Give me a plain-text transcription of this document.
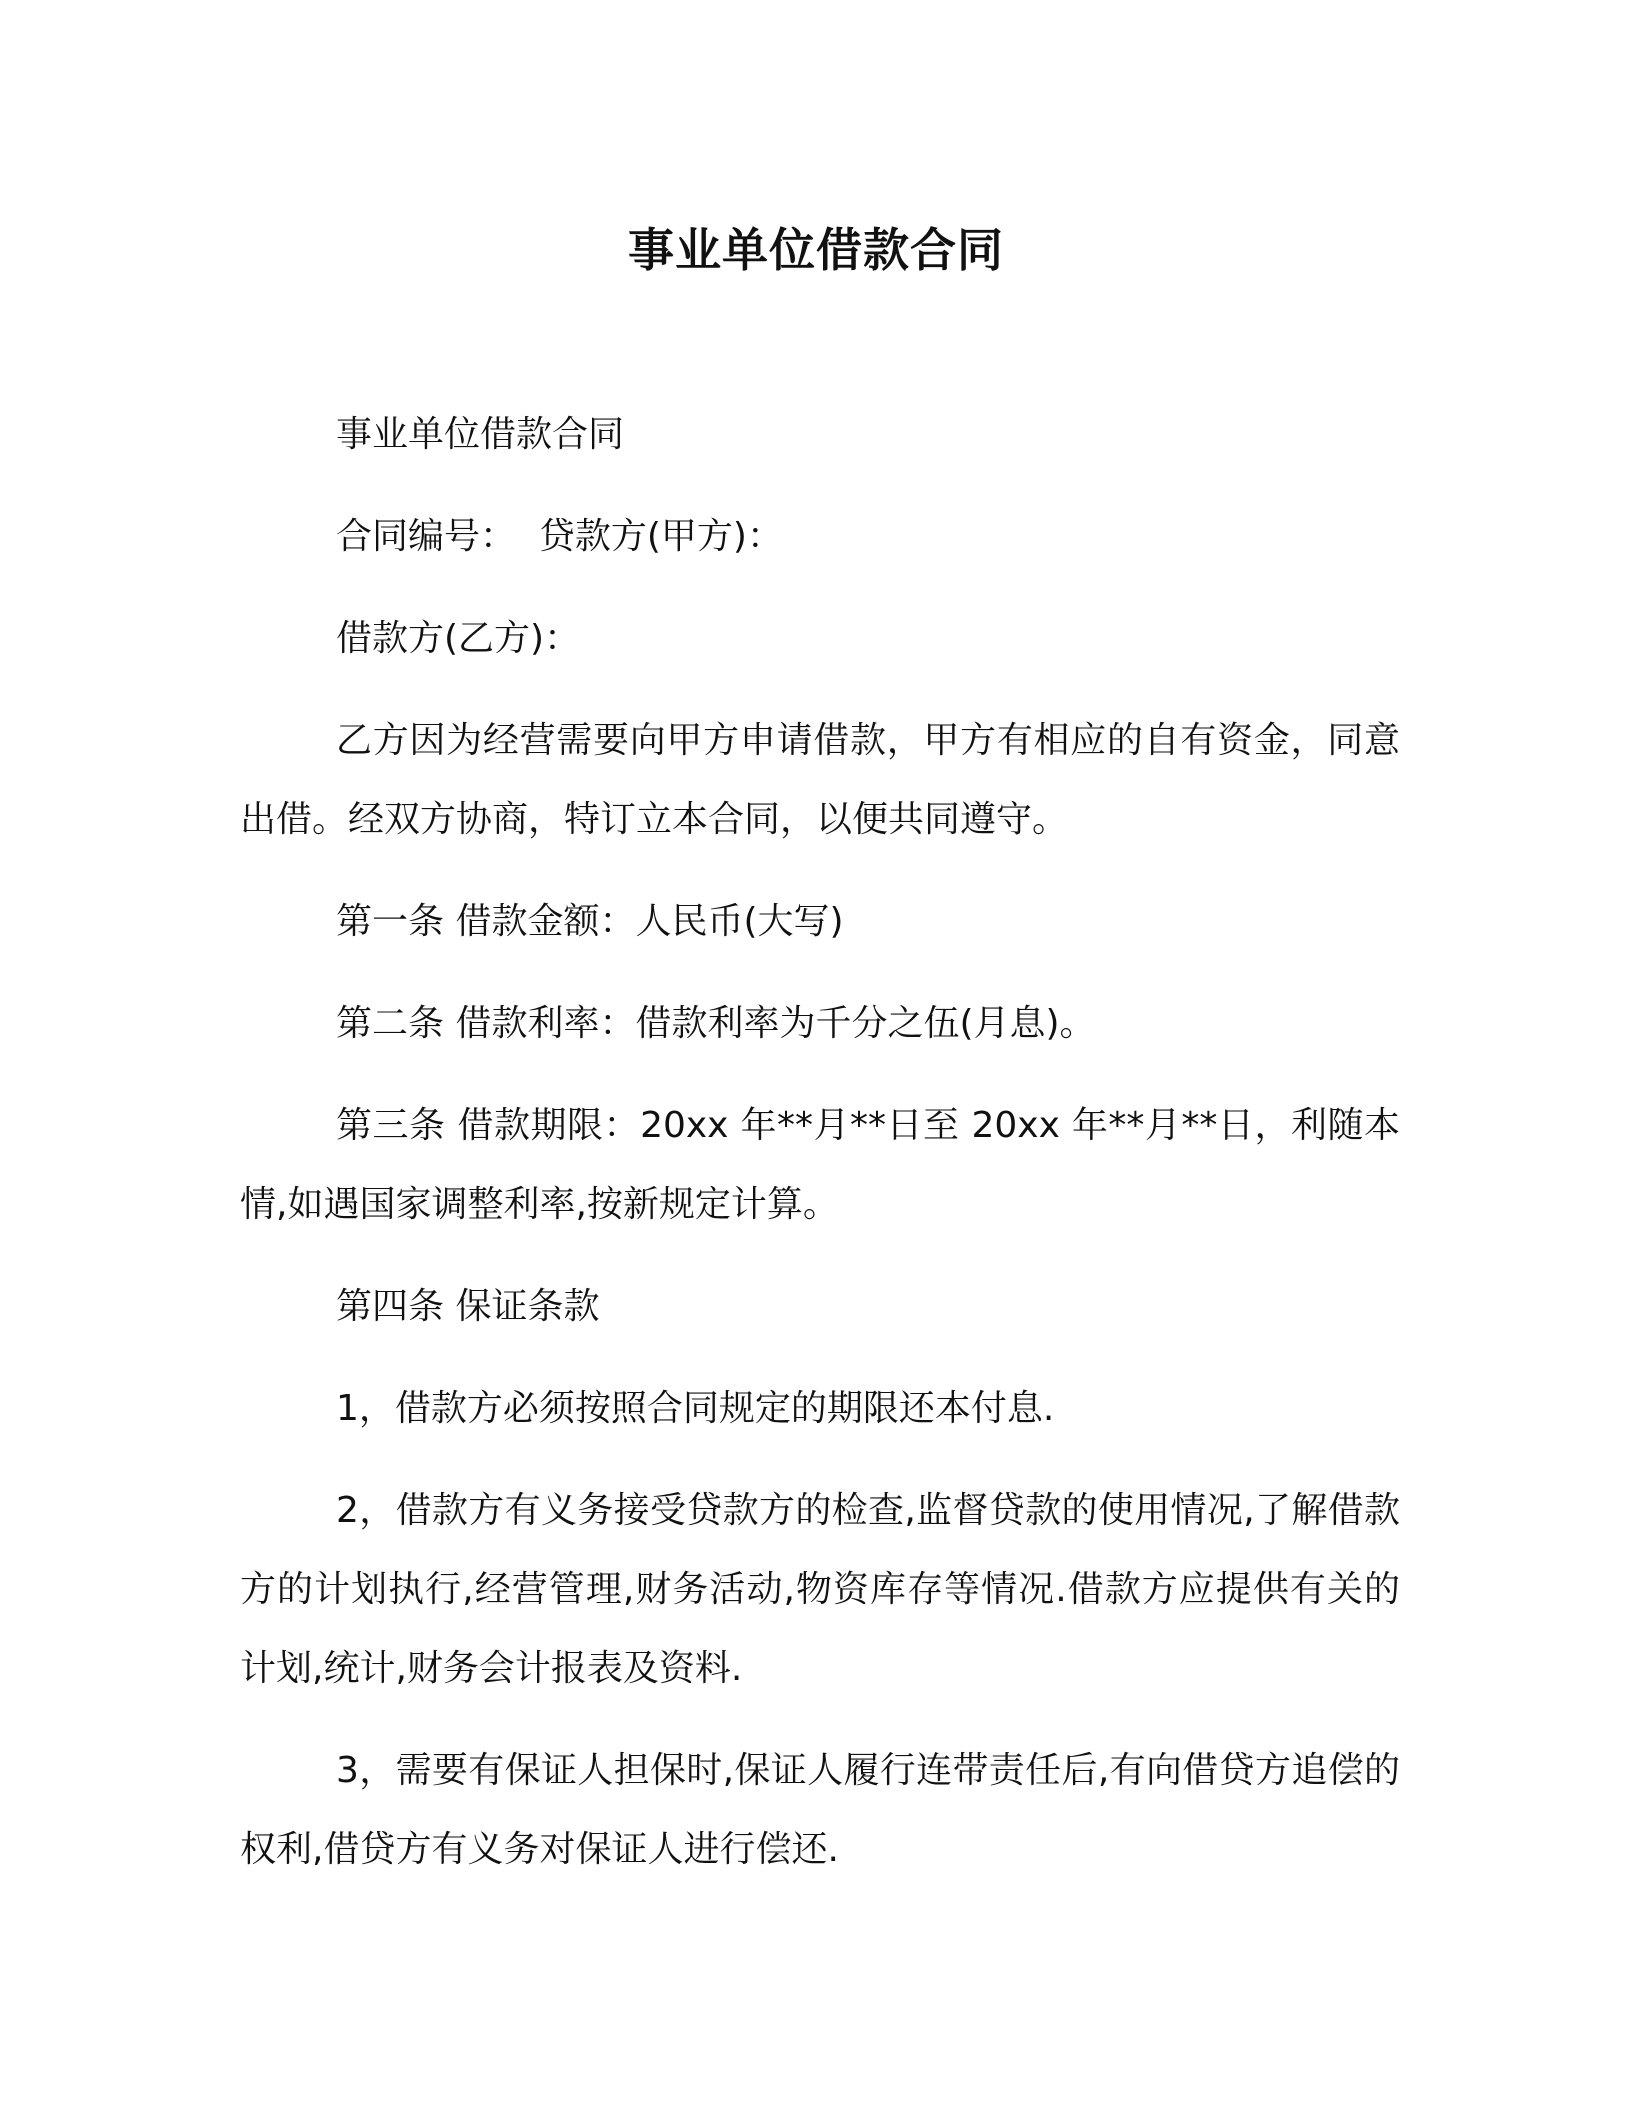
事业单位借款合同

事业单位借款合同

合同编号：  贷款方(甲方)：

借款方(乙方)：

乙方因为经营需要向甲方申请借款，甲方有相应的自有资金，同意出借。经双方协商，特订立本合同，以便共同遵守。

第一条 借款金额：人民币(大写)

第二条 借款利率：借款利率为千分之伍(月息)。

第三条 借款期限：20xx 年**月**日至 20xx 年**月**日，利随本情,如遇国家调整利率,按新规定计算。

第四条 保证条款

1，借款方必须按照合同规定的期限还本付息.

2，借款方有义务接受贷款方的检查,监督贷款的使用情况,了解借款方的计划执行,经营管理,财务活动,物资库存等情况.借款方应提供有关的计划,统计,财务会计报表及资料.

3，需要有保证人担保时,保证人履行连带责任后,有向借贷方追偿的权利,借贷方有义务对保证人进行偿还.
